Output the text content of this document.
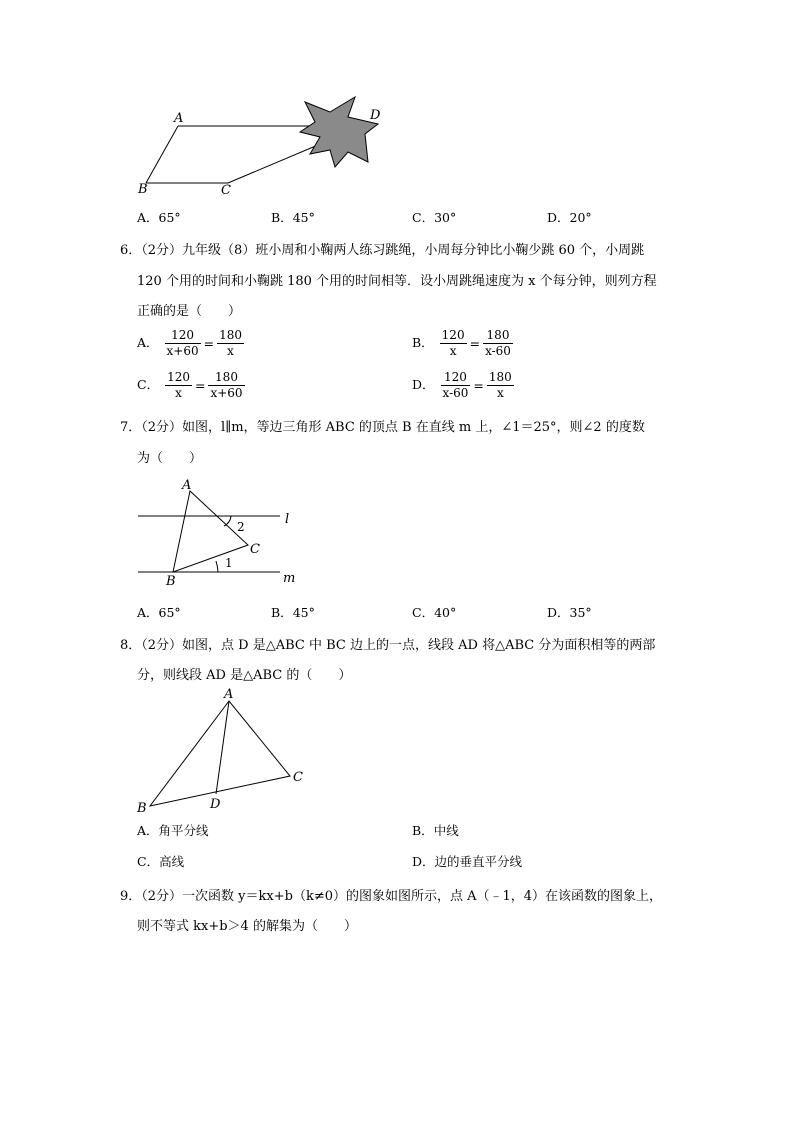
A
B	C
D
A．65°	B．45°	C．30°	D．20°
6．（2分）九年级（8）班小周和小鞠两人练习跳绳，小周每分钟比小鞠少跳 60 个，小周跳
120 个用的时间和小鞠跳 180 个用的时间相等．设小周跳绳速度为 x 个每分钟，则列方程
正确的是（　　）
A． $\frac{120}{x+60} = \frac{180}{x}$	B． $\frac{120}{x} = \frac{180}{x-60}$
C． $\frac{120}{x} = \frac{180}{x+60}$	D． $\frac{120}{x-60} = \frac{180}{x}$
7．（2分）如图，l∥m，等边三角形 ABC 的顶点 B 在直线 m 上，∠1＝25°，则∠2 的度数
为（　　）
A
B
C
1
2	l
m
A．65°	B．45°	C．40°	D．35°
8．（2分）如图，点 D 是△ABC 中 BC 边上的一点，线段 AD 将△ABC 分为面积相等的两部
分，则线段 AD 是△ABC 的（　　）
A
B
C
D
A．角平分线	B．中线
C．高线	D．边的垂直平分线
9．（2分）一次函数 y＝kx+b（k≠0）的图象如图所示，点 A（﹣1，4）在该函数的图象上，
则不等式 kx+b＞4 的解集为（　　）
